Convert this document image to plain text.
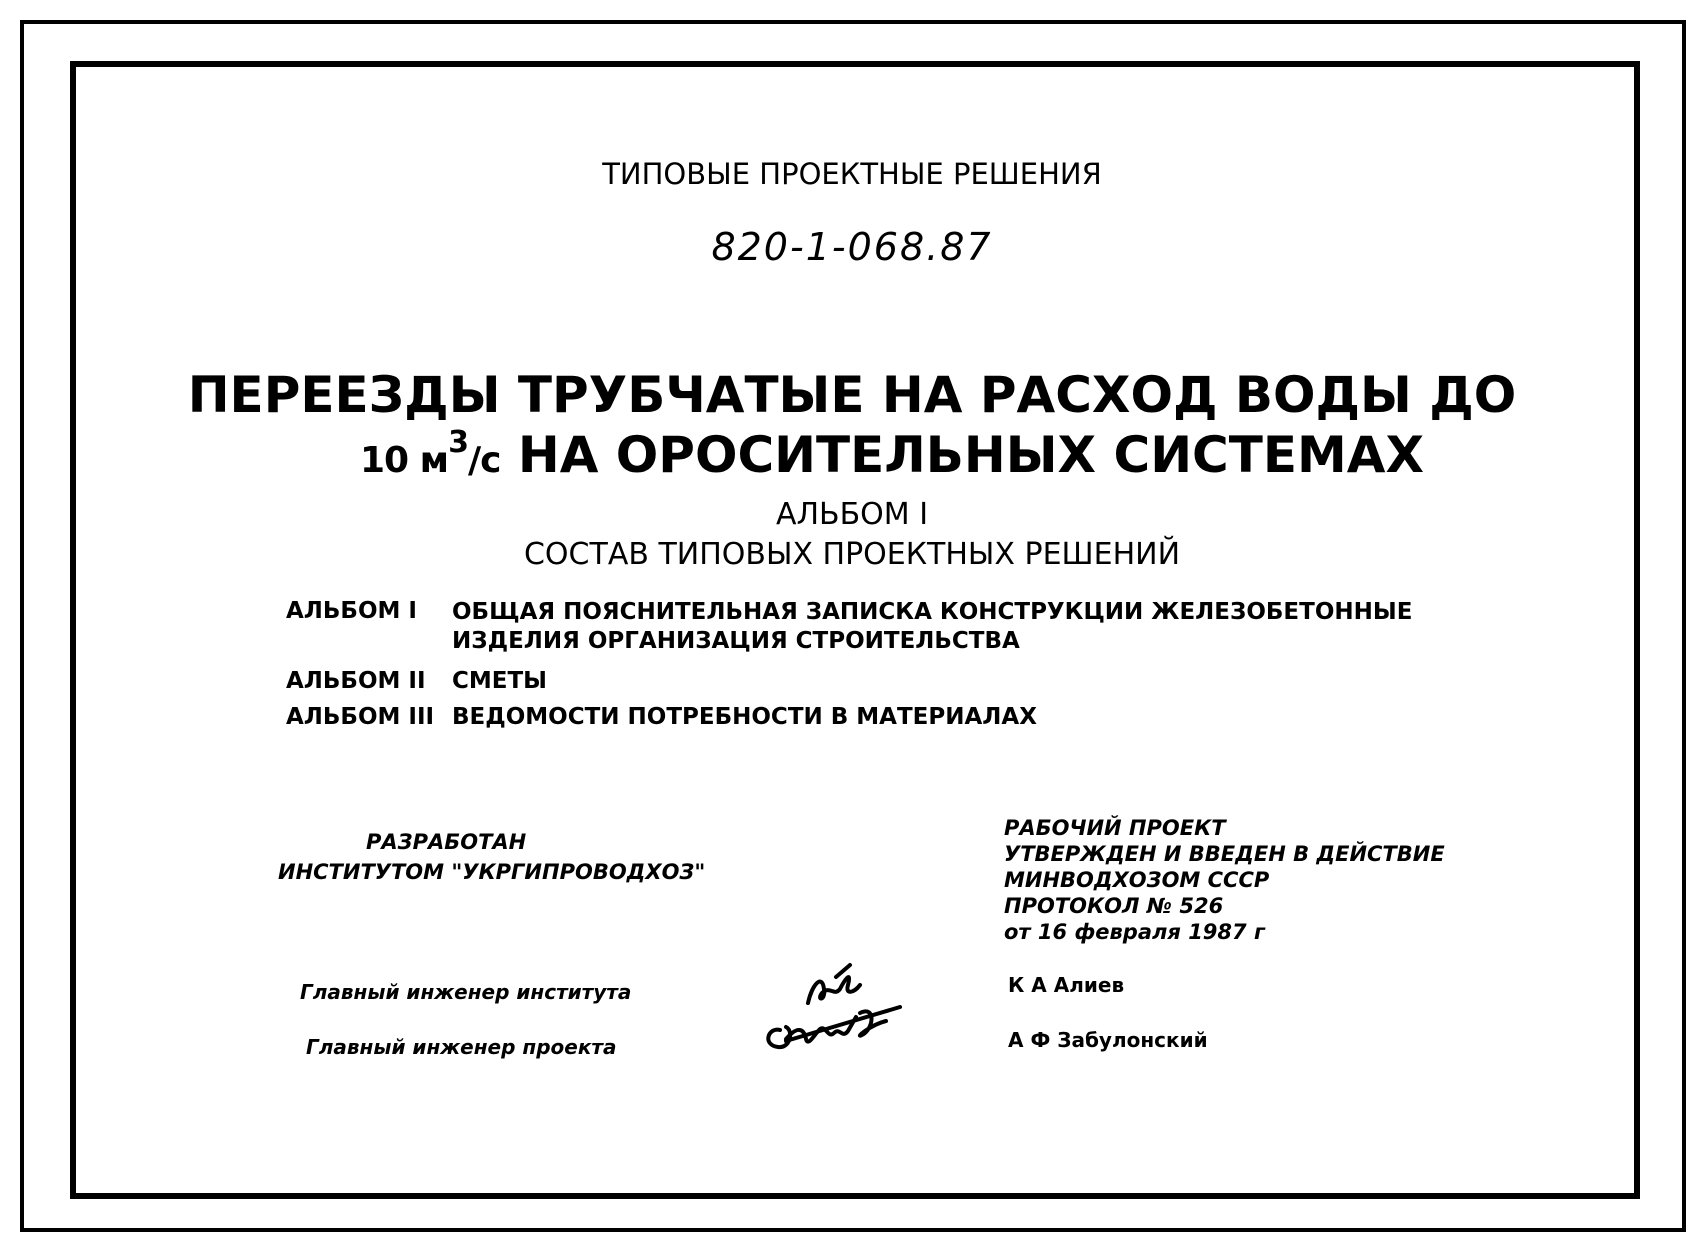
ТИПОВЫЕ ПРОЕКТНЫЕ РЕШЕНИЯ
820-1-068.87
ПЕРЕЕЗДЫ ТРУБЧАТЫЕ НА РАСХОД ВОДЫ ДО
10 $м^3/с$ НА ОРОСИТЕЛЬНЫХ СИСТЕМАХ
АЛЬБОМ I
СОСТАВ ТИПОВЫХ ПРОЕКТНЫХ РЕШЕНИЙ
АЛЬБОМ I ОБЩАЯ ПОЯСНИТЕЛЬНАЯ ЗАПИСКА КОНСТРУКЦИИ ЖЕЛЕЗОБЕТОННЫЕ
ИЗДЕЛИЯ ОРГАНИЗАЦИЯ СТРОИТЕЛЬСТВА
АЛЬБОМ II СМЕТЫ
АЛЬБОМ III ВЕДОМОСТИ ПОТРЕБНОСТИ В МАТЕРИАЛАХ
РАЗРАБОТАН
ИНСТИТУТОМ "УКРГИПРОВОДХОЗ"
РАБОЧИЙ ПРОЕКТ
УТВЕРЖДЕН И ВВЕДЕН В ДЕЙСТВИЕ
МИНВОДХОЗОМ СССР
ПРОТОКОЛ № 526
от 16 февраля 1987 г
Главный инженер института
Главный инженер проекта
К А Алиев
А Ф Забулонский
